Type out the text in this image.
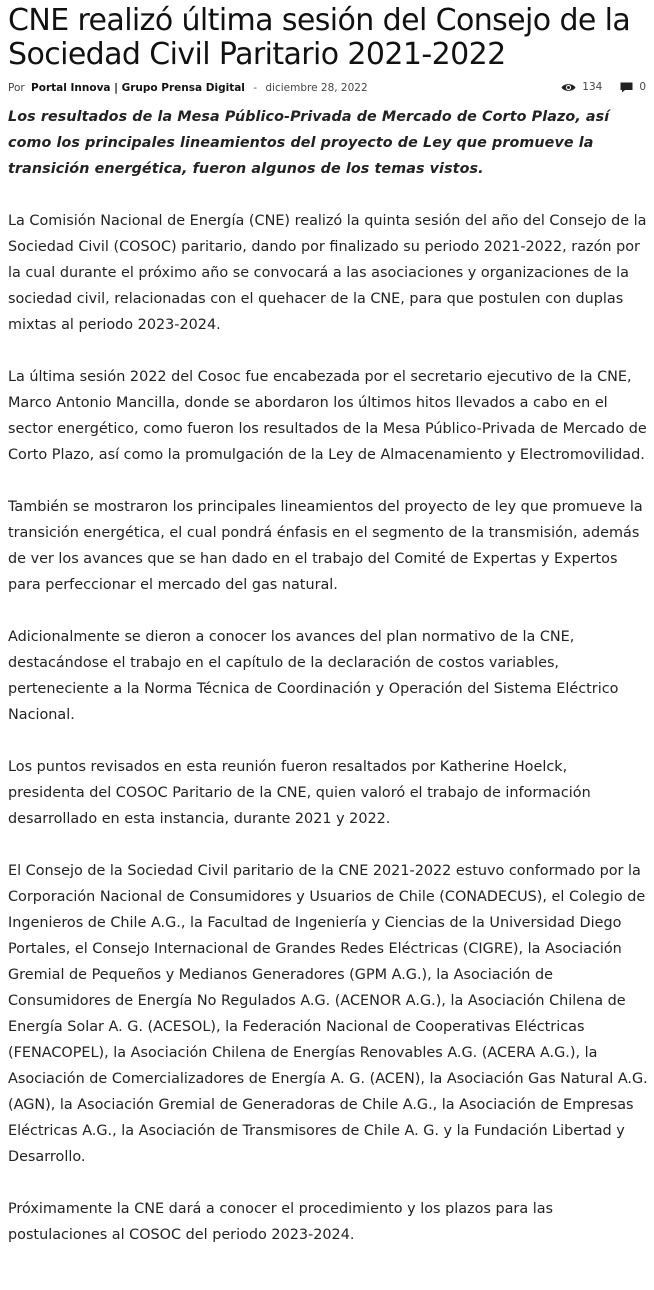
CNE realizó última sesión del Consejo de la Sociedad Civil Paritario 2021-2022
Por Portal Innova | Grupo Prensa Digital - diciembre 28, 2022	134	0

Los resultados de la Mesa Público-Privada de Mercado de Corto Plazo, así como los principales lineamientos del proyecto de Ley que promueve la transición energética, fueron algunos de los temas vistos.

La Comisión Nacional de Energía (CNE) realizó la quinta sesión del año del Consejo de la Sociedad Civil (COSOC) paritario, dando por finalizado su periodo 2021-2022, razón por la cual durante el próximo año se convocará a las asociaciones y organizaciones de la sociedad civil, relacionadas con el quehacer de la CNE, para que postulen con duplas mixtas al periodo 2023-2024.

La última sesión 2022 del Cosoc fue encabezada por el secretario ejecutivo de la CNE, Marco Antonio Mancilla, donde se abordaron los últimos hitos llevados a cabo en el sector energético, como fueron los resultados de la Mesa Público-Privada de Mercado de Corto Plazo, así como la promulgación de la Ley de Almacenamiento y Electromovilidad.

También se mostraron los principales lineamientos del proyecto de ley que promueve la transición energética, el cual pondrá énfasis en el segmento de la transmisión, además de ver los avances que se han dado en el trabajo del Comité de Expertas y Expertos para perfeccionar el mercado del gas natural.

Adicionalmente se dieron a conocer los avances del plan normativo de la CNE, destacándose el trabajo en el capítulo de la declaración de costos variables, perteneciente a la Norma Técnica de Coordinación y Operación del Sistema Eléctrico Nacional.

Los puntos revisados en esta reunión fueron resaltados por Katherine Hoelck, presidenta del COSOC Paritario de la CNE, quien valoró el trabajo de información desarrollado en esta instancia, durante 2021 y 2022.

El Consejo de la Sociedad Civil paritario de la CNE 2021-2022 estuvo conformado por la Corporación Nacional de Consumidores y Usuarios de Chile (CONADECUS), el Colegio de Ingenieros de Chile A.G., la Facultad de Ingeniería y Ciencias de la Universidad Diego Portales, el Consejo Internacional de Grandes Redes Eléctricas (CIGRE), la Asociación Gremial de Pequeños y Medianos Generadores (GPM A.G.), la Asociación de Consumidores de Energía No Regulados A.G. (ACENOR A.G.), la Asociación Chilena de Energía Solar A. G. (ACESOL), la Federación Nacional de Cooperativas Eléctricas (FENACOPEL), la Asociación Chilena de Energías Renovables A.G. (ACERA A.G.), la Asociación de Comercializadores de Energía A. G. (ACEN), la Asociación Gas Natural A.G. (AGN), la Asociación Gremial de Generadoras de Chile A.G., la Asociación de Empresas Eléctricas A.G., la Asociación de Transmisores de Chile A. G. y la Fundación Libertad y Desarrollo.

Próximamente la CNE dará a conocer el procedimiento y los plazos para las postulaciones al COSOC del periodo 2023-2024.
